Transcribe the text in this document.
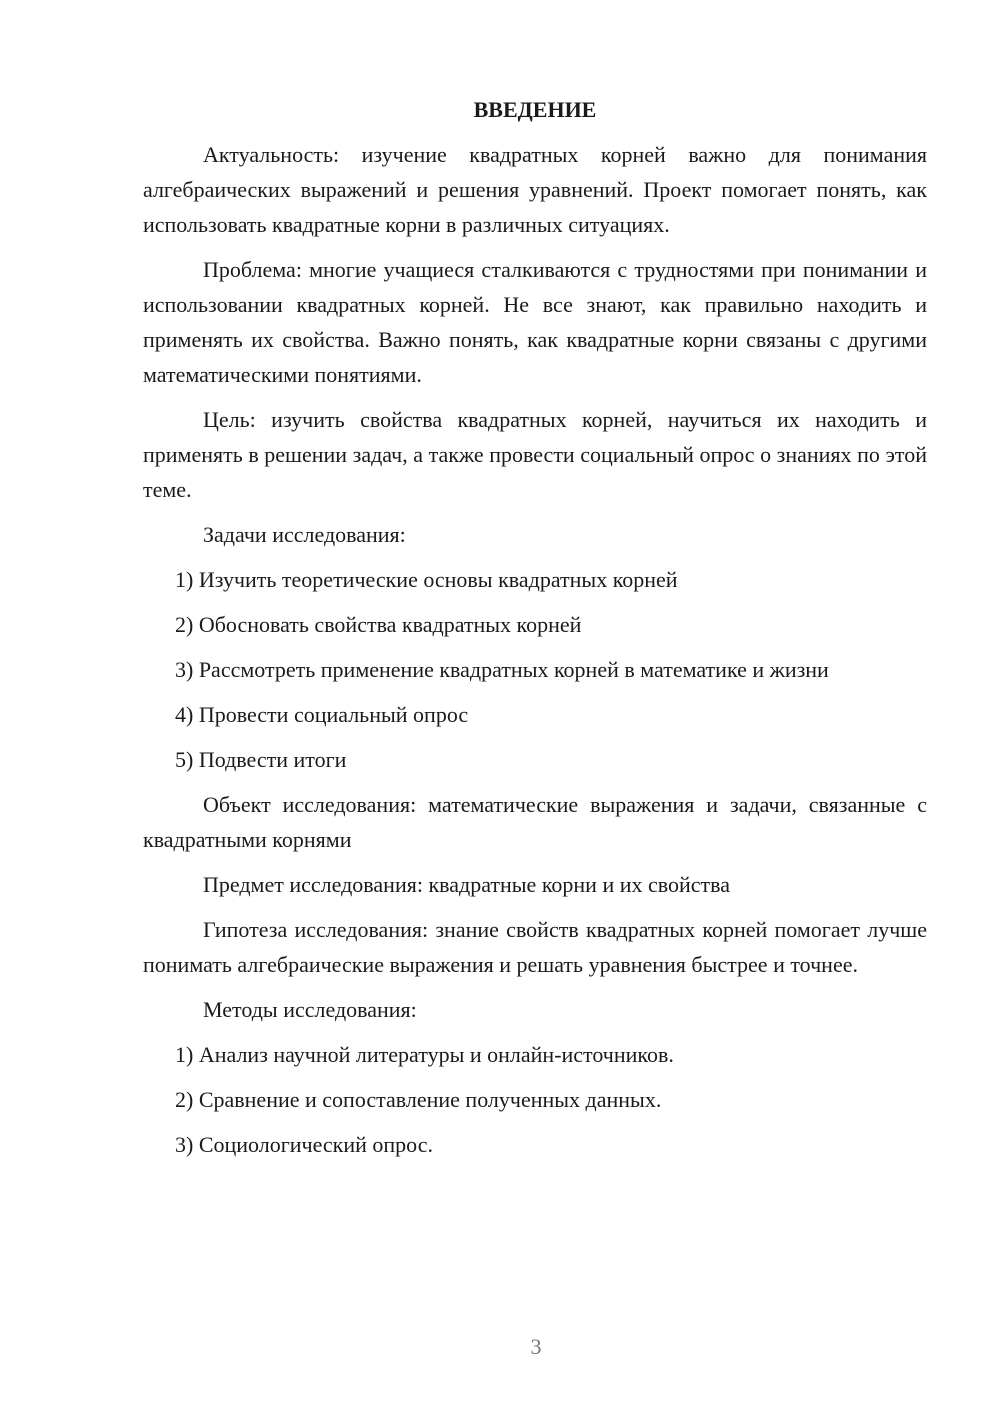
ВВЕДЕНИЕ

Актуальность: изучение квадратных корней важно для понимания алгебраических выражений и решения уравнений. Проект помогает понять, как использовать квадратные корни в различных ситуациях.

Проблема: многие учащиеся сталкиваются с трудностями при понимании и использовании квадратных корней. Не все знают, как правильно находить и применять их свойства. Важно понять, как квадратные корни связаны с другими математическими понятиями.

Цель: изучить свойства квадратных корней, научиться их находить и применять в решении задач, а также провести социальный опрос о знаниях по этой теме.

Задачи исследования:

1) Изучить теоретические основы квадратных корней

2) Обосновать свойства квадратных корней

3) Рассмотреть применение квадратных корней в математике и жизни

4) Провести социальный опрос

5) Подвести итоги

Объект исследования: математические выражения и задачи, связанные с квадратными корнями

Предмет исследования: квадратные корни и их свойства

Гипотеза исследования: знание свойств квадратных корней помогает лучше понимать алгебраические выражения и решать уравнения быстрее и точнее.

Методы исследования:

1) Анализ научной литературы и онлайн-источников.

2) Сравнение и сопоставление полученных данных.

3) Социологический опрос.

3
